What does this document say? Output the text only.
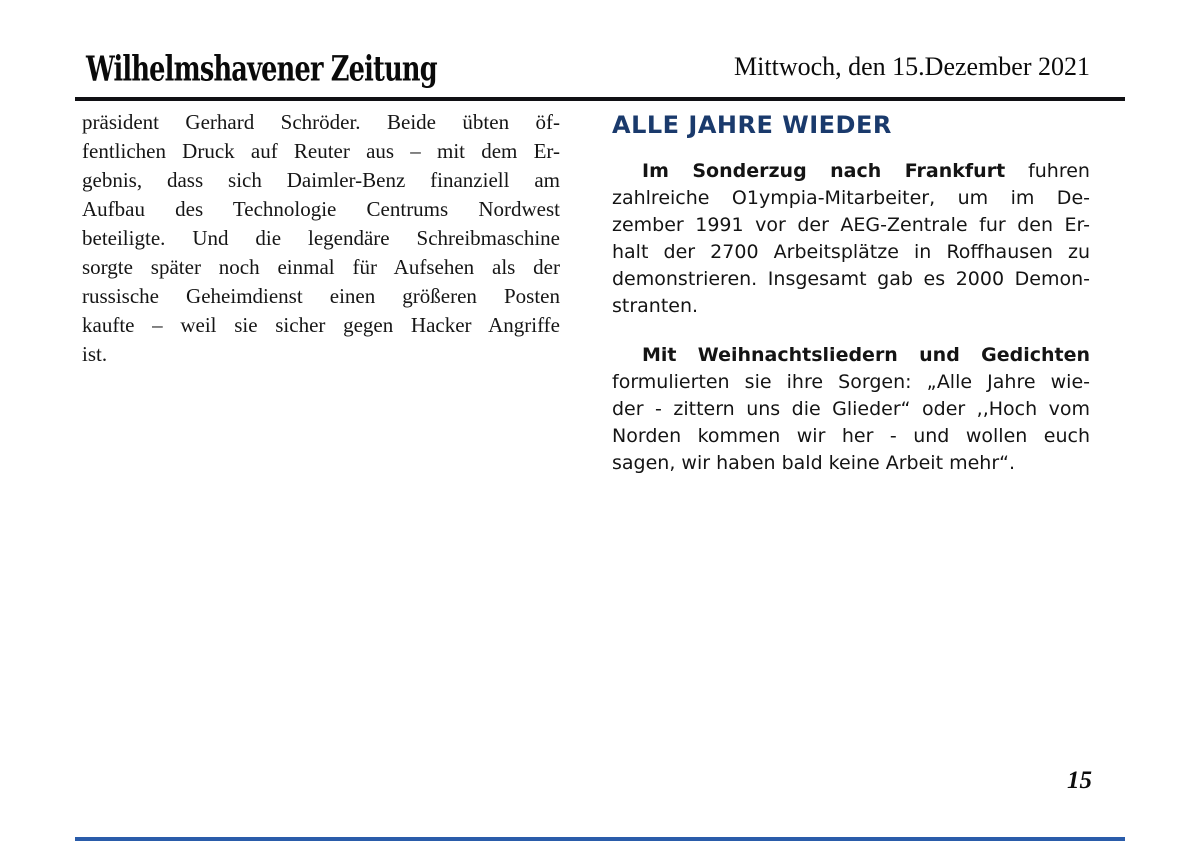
Wilhelmshavener Zeitung	Mittwoch, den 15.Dezember 2021
präsident Gerhard Schröder. Beide übten öf-
fentlichen Druck auf Reuter aus – mit dem Er-
gebnis, dass sich Daimler-Benz finanziell am
Aufbau des Technologie Centrums Nordwest
beteiligte. Und die legendäre Schreibmaschine
sorgte später noch einmal für Aufsehen als der
russische Geheimdienst einen größeren Posten
kaufte – weil sie sicher gegen Hacker Angriffe
ist.
ALLE JAHRE WIEDER
Im Sonderzug nach Frankfurt fuhren
zahlreiche O1ympia-Mitarbeiter, um im De-
zember 1991 vor der AEG-Zentrale fur den Er-
halt der 2700 Arbeitsplätze in Roffhausen zu
demonstrieren. Insgesamt gab es 2000 Demon-
stranten.
Mit Weihnachtsliedern und Gedichten
formulierten sie ihre Sorgen: „Alle Jahre wie-
der - zittern uns die Glieder“ oder ,,Hoch vom
Norden kommen wir her - und wollen euch
sagen, wir haben bald keine Arbeit mehr“.
15
